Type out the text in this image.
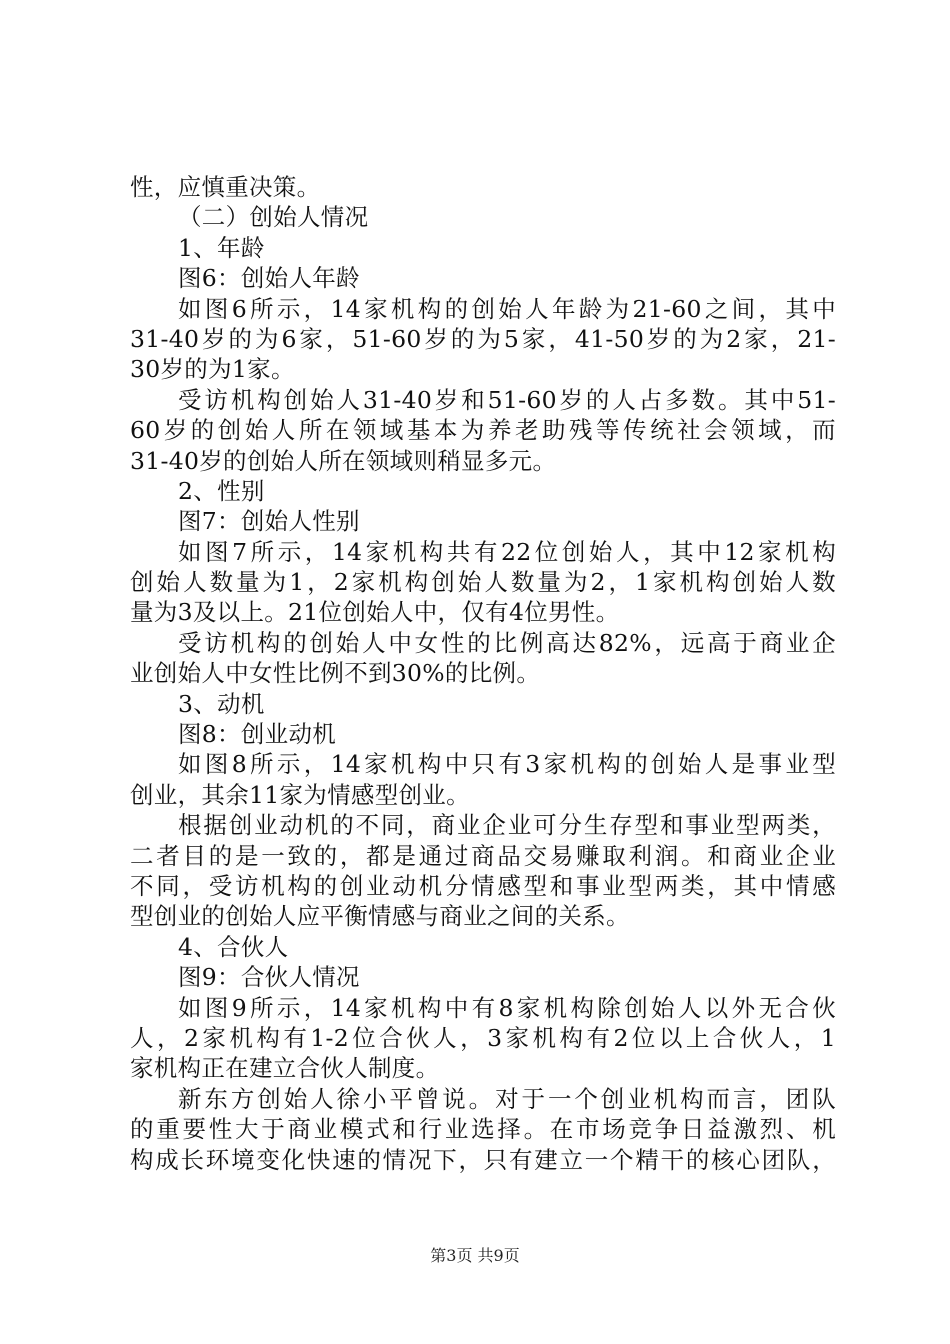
性，应慎重决策。
（二）创始人情况
1、年龄
图6：创始人年龄
如图6所示，14家机构的创始人年龄为21-60之间，其中
31-40岁的为6家，51-60岁的为5家，41-50岁的为2家，21-
30岁的为1家。
受访机构创始人31-40岁和51-60岁的人占多数。其中51-
60岁的创始人所在领域基本为养老助残等传统社会领域，而
31-40岁的创始人所在领域则稍显多元。
2、性别
图7：创始人性别
如图7所示，14家机构共有22位创始人，其中12家机构
创始人数量为1，2家机构创始人数量为2，1家机构创始人数
量为3及以上。21位创始人中，仅有4位男性。
受访机构的创始人中女性的比例高达82%，远高于商业企
业创始人中女性比例不到30%的比例。
3、动机
图8：创业动机
如图8所示，14家机构中只有3家机构的创始人是事业型
创业，其余11家为情感型创业。
根据创业动机的不同，商业企业可分生存型和事业型两类，
二者目的是一致的，都是通过商品交易赚取利润。和商业企业
不同，受访机构的创业动机分情感型和事业型两类，其中情感
型创业的创始人应平衡情感与商业之间的关系。
4、合伙人
图9：合伙人情况
如图9所示，14家机构中有8家机构除创始人以外无合伙
人，2家机构有1-2位合伙人，3家机构有2位以上合伙人，1
家机构正在建立合伙人制度。
新东方创始人徐小平曾说。对于一个创业机构而言，团队
的重要性大于商业模式和行业选择。在市场竞争日益激烈、机
构成长环境变化快速的情况下，只有建立一个精干的核心团队，
第3页 共9页
